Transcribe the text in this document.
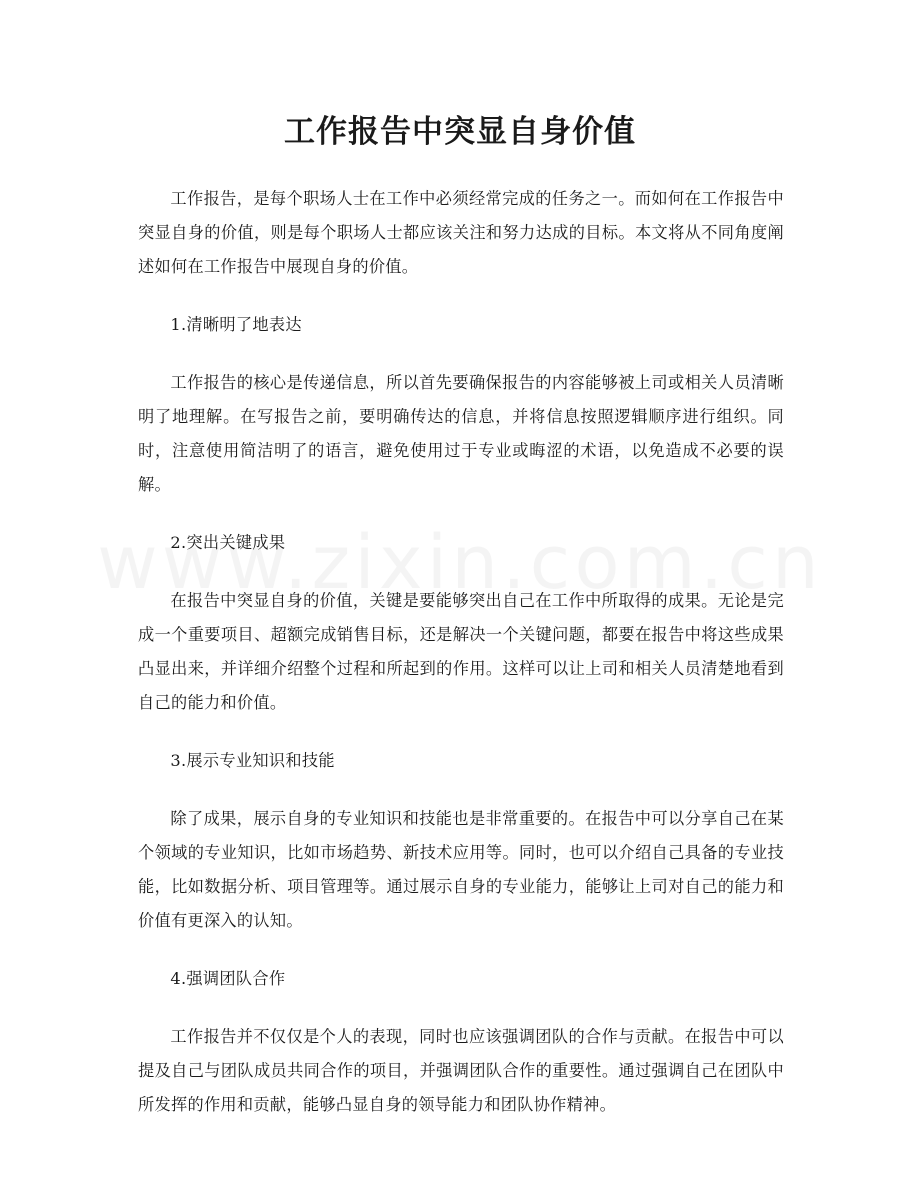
工作报告中突显自身价值

工作报告，是每个职场人士在工作中必须经常完成的任务之一。而如何在工作报告中突显自身的价值，则是每个职场人士都应该关注和努力达成的目标。本文将从不同角度阐述如何在工作报告中展现自身的价值。

1.清晰明了地表达

工作报告的核心是传递信息，所以首先要确保报告的内容能够被上司或相关人员清晰明了地理解。在写报告之前，要明确传达的信息，并将信息按照逻辑顺序进行组织。同时，注意使用简洁明了的语言，避免使用过于专业或晦涩的术语，以免造成不必要的误解。

2.突出关键成果

在报告中突显自身的价值，关键是要能够突出自己在工作中所取得的成果。无论是完成一个重要项目、超额完成销售目标，还是解决一个关键问题，都要在报告中将这些成果凸显出来，并详细介绍整个过程和所起到的作用。这样可以让上司和相关人员清楚地看到自己的能力和价值。

3.展示专业知识和技能

除了成果，展示自身的专业知识和技能也是非常重要的。在报告中可以分享自己在某个领域的专业知识，比如市场趋势、新技术应用等。同时，也可以介绍自己具备的专业技能，比如数据分析、项目管理等。通过展示自身的专业能力，能够让上司对自己的能力和价值有更深入的认知。

4.强调团队合作

工作报告并不仅仅是个人的表现，同时也应该强调团队的合作与贡献。在报告中可以提及自己与团队成员共同合作的项目，并强调团队合作的重要性。通过强调自己在团队中所发挥的作用和贡献，能够凸显自身的领导能力和团队协作精神。
